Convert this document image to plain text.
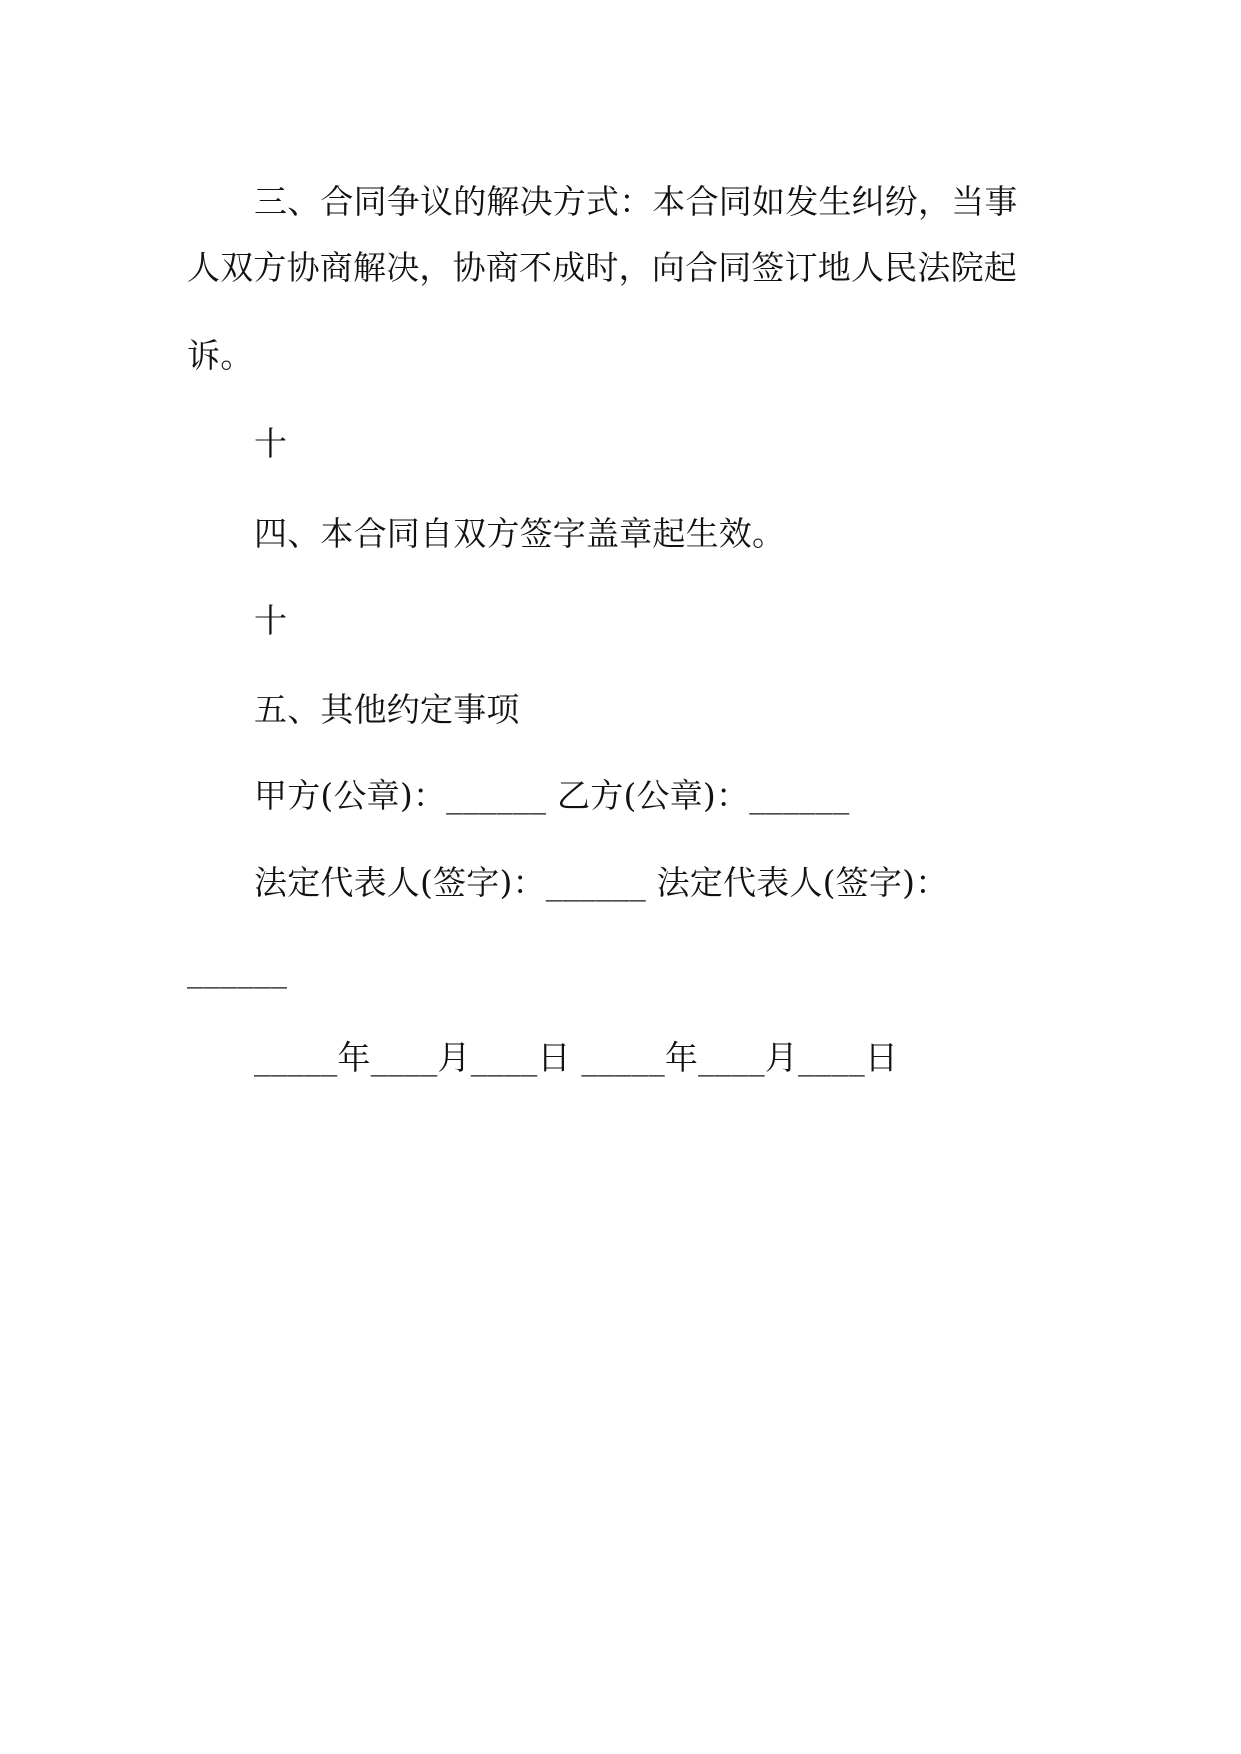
三、合同争议的解决方式：本合同如发生纠纷，当事
人双方协商解决，协商不成时，向合同签订地人民法院起
诉。
十
四、本合同自双方签字盖章起生效。
十
五、其他约定事项
甲方(公章)：______ 乙方(公章)：______
法定代表人(签字)：______ 法定代表人(签字)：
______
_____年____月____日 _____年____月____日
